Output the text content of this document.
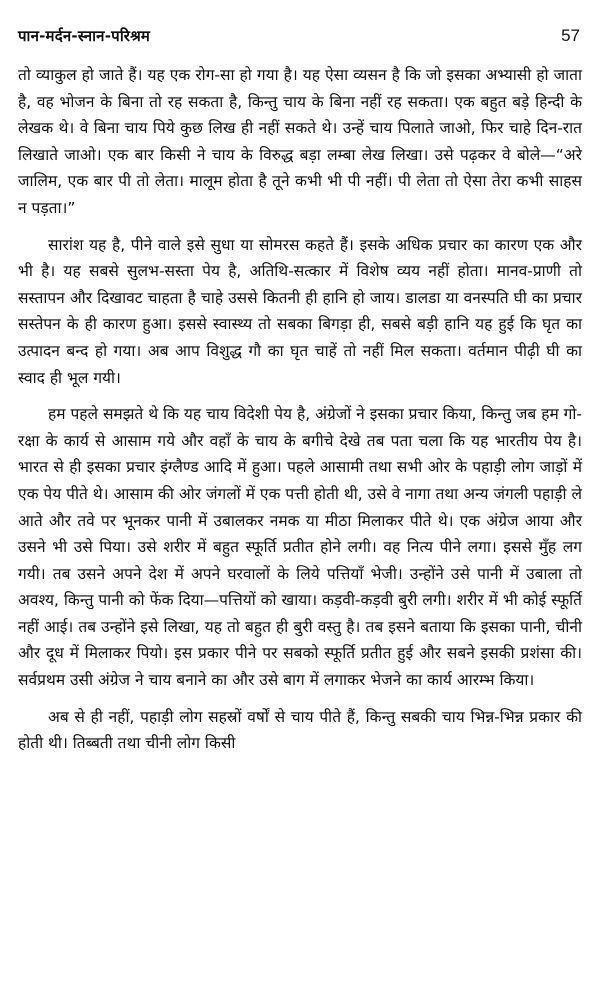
पान-मर्दन-स्नान-परिश्रम	57

तो व्याकुल हो जाते हैं। यह एक रोग-सा हो गया है। यह ऐसा व्यसन है कि जो इसका अभ्यासी हो जाता है, वह भोजन के बिना तो रह सकता है, किन्तु चाय के बिना नहीं रह सकता। एक बहुत बड़े हिन्दी के लेखक थे। वे बिना चाय पिये कुछ लिख ही नहीं सकते थे। उन्हें चाय पिलाते जाओ, फिर चाहे दिन-रात लिखाते जाओ। एक बार किसी ने चाय के विरुद्ध बड़ा लम्बा लेख लिखा। उसे पढ़कर वे बोले—“अरे जालिम, एक बार पी तो लेता। मालूम होता है तूने कभी भी पी नहीं। पी लेता तो ऐसा तेरा कभी साहस न पड़ता।”

सारांश यह है, पीने वाले इसे सुधा या सोमरस कहते हैं। इसके अधिक प्रचार का कारण एक और भी है। यह सबसे सुलभ-सस्ता पेय है, अतिथि-सत्कार में विशेष व्यय नहीं होता। मानव-प्राणी तो सस्तापन और दिखावट चाहता है चाहे उससे कितनी ही हानि हो जाय। डालडा या वनस्पति घी का प्रचार सस्तेपन के ही कारण हुआ। इससे स्वास्थ्य तो सबका बिगड़ा ही, सबसे बड़ी हानि यह हुई कि घृत का उत्पादन बन्द हो गया। अब आप विशुद्ध गौ का घृत चाहें तो नहीं मिल सकता। वर्तमान पीढ़ी घी का स्वाद ही भूल गयी।

हम पहले समझते थे कि यह चाय विदेशी पेय है, अंग्रेजों ने इसका प्रचार किया, किन्तु जब हम गो-रक्षा के कार्य से आसाम गये और वहाँ के चाय के बगीचे देखे तब पता चला कि यह भारतीय पेय है। भारत से ही इसका प्रचार इंग्लैण्ड आदि में हुआ। पहले आसामी तथा सभी ओर के पहाड़ी लोग जाड़ों में एक पेय पीते थे। आसाम की ओर जंगलों में एक पत्ती होती थी, उसे वे नागा तथा अन्य जंगली पहाड़ी ले आते और तवे पर भूनकर पानी में उबालकर नमक या मीठा मिलाकर पीते थे। एक अंग्रेज आया और उसने भी उसे पिया। उसे शरीर में बहुत स्फूर्ति प्रतीत होने लगी। वह नित्य पीने लगा। इससे मुँह लग गयी। तब उसने अपने देश में अपने घरवालों के लिये पत्तियाँ भेजी। उन्होंने उसे पानी में उबाला तो अवश्य, किन्तु पानी को फेंक दिया—पत्तियों को खाया। कड़वी-कड़वी बुरी लगी। शरीर में भी कोई स्फूर्ति नहीं आई। तब उन्होंने इसे लिखा, यह तो बहुत ही बुरी वस्तु है। तब इसने बताया कि इसका पानी, चीनी और दूध में मिलाकर पियो। इस प्रकार पीने पर सबको स्फूर्ति प्रतीत हुई और सबने इसकी प्रशंसा की। सर्वप्रथम उसी अंग्रेज ने चाय बनाने का और उसे बाग में लगाकर भेजने का कार्य आरम्भ किया।

अब से ही नहीं, पहाड़ी लोग सहस्रों वर्षों से चाय पीते हैं, किन्तु सबकी चाय भिन्न-भिन्न प्रकार की होती थी। तिब्बती तथा चीनी लोग किसी
